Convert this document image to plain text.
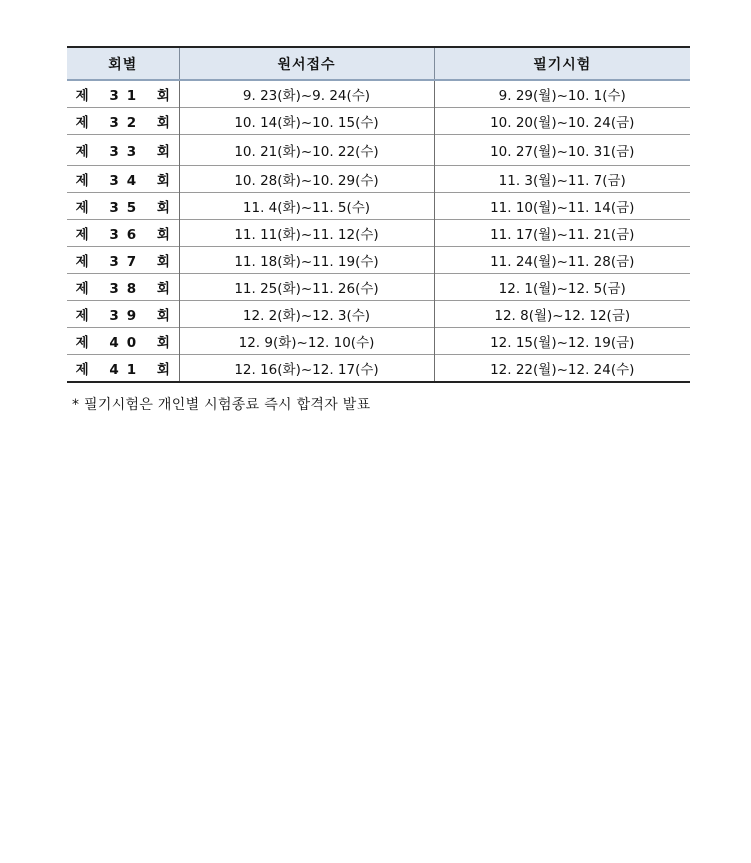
회별	원서접수	필기시험
제 31 회	9. 23(화)~9. 24(수)	9. 29(월)~10. 1(수)
제 32 회	10. 14(화)~10. 15(수)	10. 20(월)~10. 24(금)
제 33 회	10. 21(화)~10. 22(수)	10. 27(월)~10. 31(금)
제 34 회	10. 28(화)~10. 29(수)	11. 3(월)~11. 7(금)
제 35 회	11. 4(화)~11. 5(수)	11. 10(월)~11. 14(금)
제 36 회	11. 11(화)~11. 12(수)	11. 17(월)~11. 21(금)
제 37 회	11. 18(화)~11. 19(수)	11. 24(월)~11. 28(금)
제 38 회	11. 25(화)~11. 26(수)	12. 1(월)~12. 5(금)
제 39 회	12. 2(화)~12. 3(수)	12. 8(월)~12. 12(금)
제 40 회	12. 9(화)~12. 10(수)	12. 15(월)~12. 19(금)
제 41 회	12. 16(화)~12. 17(수)	12. 22(월)~12. 24(수)
* 필기시험은 개인별 시험종료 즉시 합격자 발표
